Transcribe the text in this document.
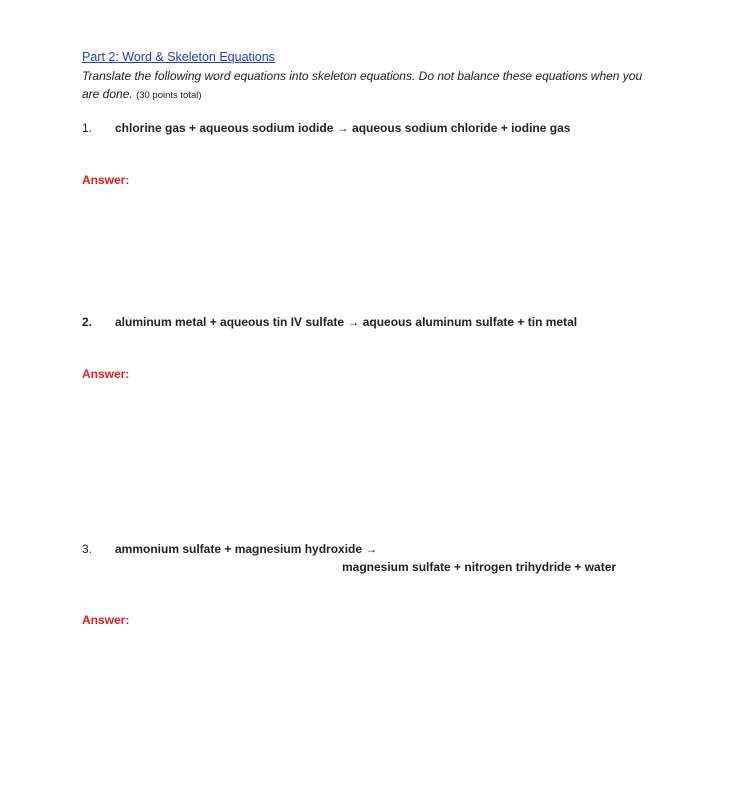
Part 2: Word & Skeleton Equations
Translate the following word equations into skeleton equations. Do not balance these equations when you are done. (30 points total)
1. chlorine gas + aqueous sodium iodide → aqueous sodium chloride + iodine gas
Answer:
2. aluminum metal + aqueous tin IV sulfate → aqueous aluminum sulfate + tin metal
Answer:
3. ammonium sulfate + magnesium hydroxide →
magnesium sulfate + nitrogen trihydride + water
Answer:
